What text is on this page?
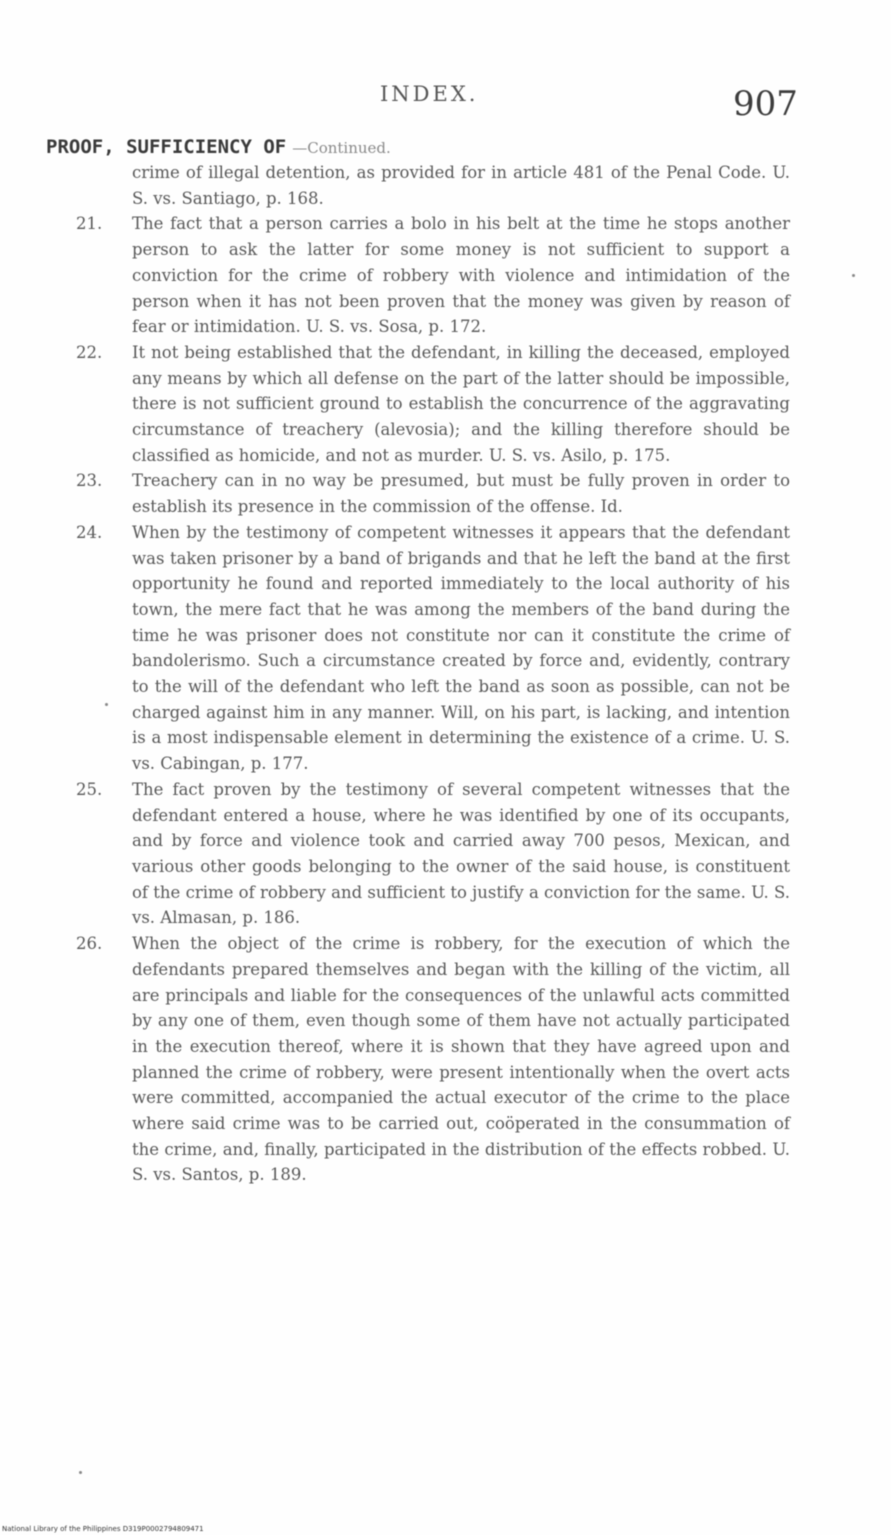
INDEX.	907
PROOF, SUFFICIENCY OF —Continued.

crime of illegal detention, as provided for in article 481 of the Penal Code. U. S. vs. Santiago, p. 168.

21. The fact that a person carries a bolo in his belt at the time he stops another person to ask the latter for some money is not sufficient to support a conviction for the crime of robbery with violence and intimidation of the person when it has not been proven that the money was given by reason of fear or intimidation. U. S. vs. Sosa, p. 172.

22. It not being established that the defendant, in killing the deceased, employed any means by which all defense on the part of the latter should be impossible, there is not sufficient ground to establish the concurrence of the aggravating circumstance of treachery (alevosia); and the killing therefore should be classified as homicide, and not as murder. U. S. vs. Asilo, p. 175.

23. Treachery can in no way be presumed, but must be fully proven in order to establish its presence in the commission of the offense. Id.

24. When by the testimony of competent witnesses it appears that the defendant was taken prisoner by a band of brigands and that he left the band at the first opportunity he found and reported immediately to the local authority of his town, the mere fact that he was among the members of the band during the time he was prisoner does not constitute nor can it constitute the crime of bandolerismo. Such a circumstance created by force and, evidently, contrary to the will of the defendant who left the band as soon as possible, can not be charged against him in any manner. Will, on his part, is lacking, and intention is a most indispensable element in determining the existence of a crime. U. S. vs. Cabingan, p. 177.

25. The fact proven by the testimony of several competent witnesses that the defendant entered a house, where he was identified by one of its occupants, and by force and violence took and carried away 700 pesos, Mexican, and various other goods belonging to the owner of the said house, is constituent of the crime of robbery and sufficient to justify a conviction for the same. U. S. vs. Almasan, p. 186.

26. When the object of the crime is robbery, for the execution of which the defendants prepared themselves and began with the killing of the victim, all are principals and liable for the consequences of the unlawful acts committed by any one of them, even though some of them have not actually participated in the execution thereof, where it is shown that they have agreed upon and planned the crime of robbery, were present intentionally when the overt acts were committed, accompanied the actual executor of the crime to the place where said crime was to be carried out, coöperated in the consummation of the crime, and, finally, participated in the distribution of the effects robbed. U. S. vs. Santos, p. 189.

National Library of the Philippines D319P0002794809471
